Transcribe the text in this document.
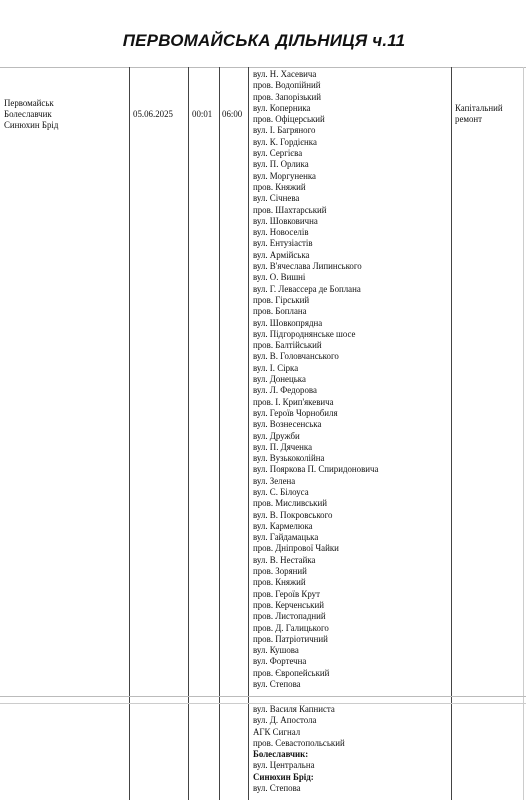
ПЕРВОМАЙСЬКА ДІЛЬНИЦЯ ч.11
Первомайськ
Болеславчик
Синюхин Брід
05.06.2025 00:01 06:00
Капітальний
ремонт
вул. Н. Хасевича
пров. Водопійний
пров. Запорізький
вул. Коперника
пров. Офіцерський
вул. І. Багряного
вул. К. Гордієнка
вул. Сергієва
вул. П. Орлика
вул. Моргуненка
пров. Княжий
вул. Січнева
пров. Шахтарський
вул. Шовковична
вул. Новоселів
вул. Ентузіастів
вул. Армійська
вул. В'ячеслава Липинського
вул. О. Вишні
вул. Г. Левассера де Боплана
пров. Гірський
пров. Боплана
вул. Шовкопрядна
вул. Підгороднянське шосе
пров. Балтійський
вул. В. Головчанського
вул. І. Сірка
вул. Донецька
вул. Л. Федорова
пров. І. Крип'якевича
вул. Героїв Чорнобиля
вул. Вознесенська
вул. Дружби
вул. П. Дяченка
вул. Вузькоколійна
вул. Пояркова П. Спиридоновича
вул. Зелена
вул. С. Білоуса
пров. Мисливський
вул. В. Покровського
вул. Кармелюка
вул. Гайдамацька
пров. Дніпрової Чайки
вул. В. Нестайка
пров. Зоряний
пров. Княжий
пров. Героїв Крут
пров. Керченський
пров. Листопадний
пров. Д. Галицького
пров. Патріотичний
вул. Кушова
вул. Фортечна
пров. Європейський
вул. Степова
вул. Василя Капниста
вул. Д. Апостола
АГК Сигнал
пров. Севастопольський
Болеславчик:
вул. Центральна
Синюхин Брід:
вул. Степова
